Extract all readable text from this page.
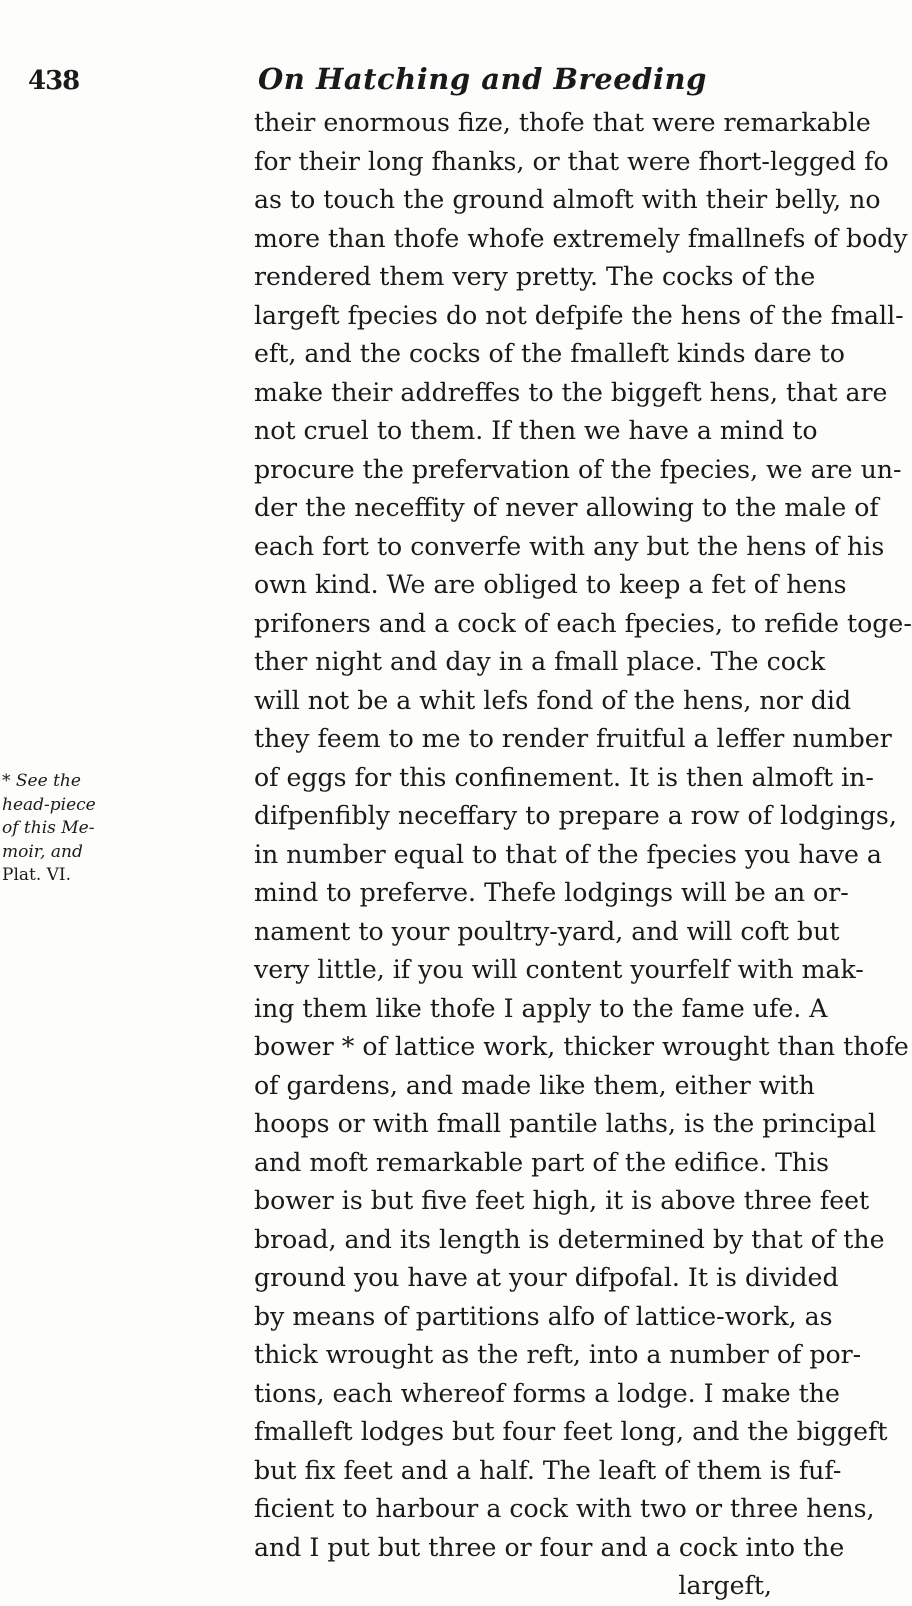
438	On Hatching and Breeding
* See the
head-piece
of this Me-
moir, and
Plat. VI.
their enormous fize, thofe that were remarkable
for their long fhanks, or that were fhort-legged fo
as to touch the ground almoft with their belly, no
more than thofe whofe extremely fmallnefs of body
rendered them very pretty. The cocks of the
largeft fpecies do not defpife the hens of the fmall-
eft, and the cocks of the fmalleft kinds dare to
make their addreffes to the biggeft hens, that are
not cruel to them. If then we have a mind to
procure the prefervation of the fpecies, we are un-
der the neceffity of never allowing to the male of
each fort to converfe with any but the hens of his
own kind. We are obliged to keep a fet of hens
prifoners and a cock of each fpecies, to refide toge-
ther night and day in a fmall place. The cock
will not be a whit lefs fond of the hens, nor did
they feem to me to render fruitful a leffer number
of eggs for this confinement. It is then almoft in-
difpenfibly neceffary to prepare a row of lodgings,
in number equal to that of the fpecies you have a
mind to preferve. Thefe lodgings will be an or-
nament to your poultry-yard, and will coft but
very little, if you will content yourfelf with mak-
ing them like thofe I apply to the fame ufe. A
bower * of lattice work, thicker wrought than thofe
of gardens, and made like them, either with
hoops or with fmall pantile laths, is the principal
and moft remarkable part of the edifice. This
bower is but five feet high, it is above three feet
broad, and its length is determined by that of the
ground you have at your difpofal. It is divided
by means of partitions alfo of lattice-work, as
thick wrought as the reft, into a number of por-
tions, each whereof forms a lodge. I make the
fmalleft lodges but four feet long, and the biggeft
but fix feet and a half. The leaft of them is fuf-
ficient to harbour a cock with two or three hens,
and I put but three or four and a cock into the
largeft,
